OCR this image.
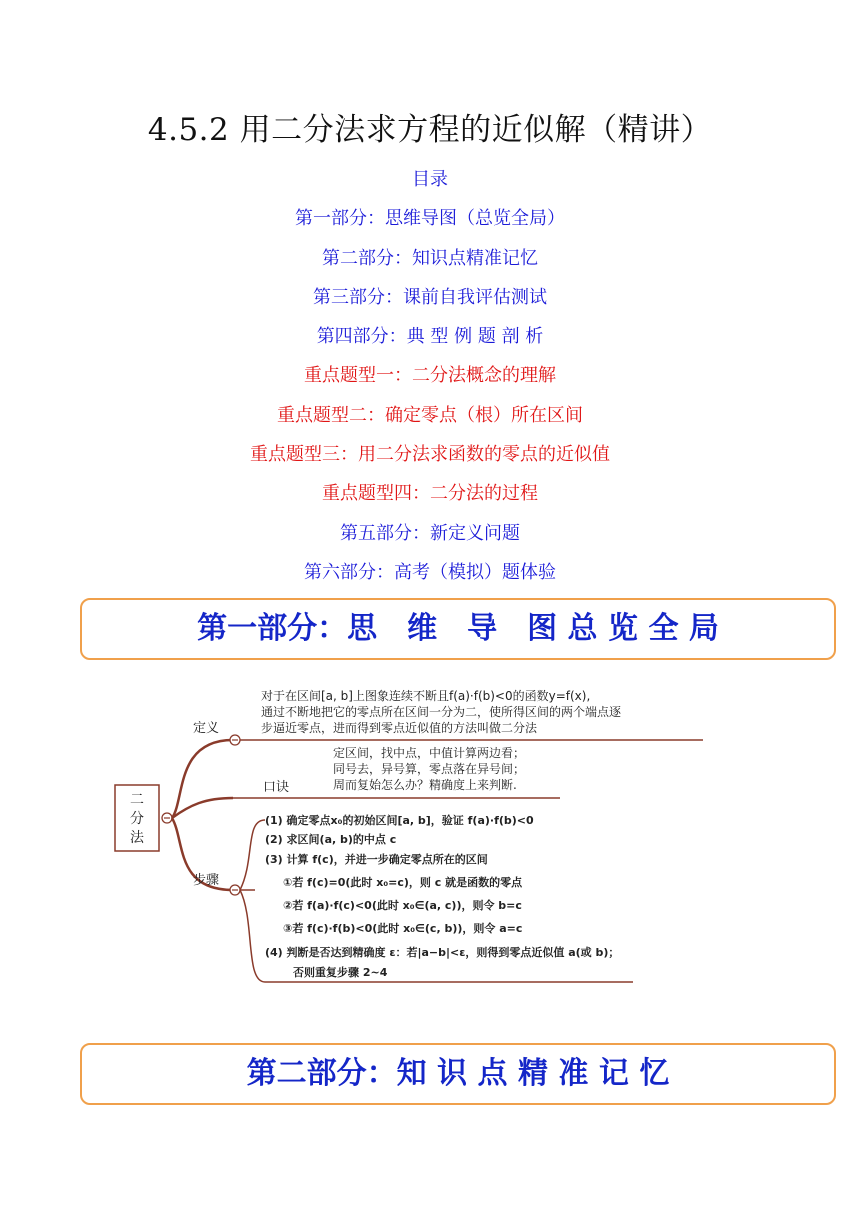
4.5.2 用二分法求方程的近似解（精讲）
目录
第一部分：思维导图（总览全局）
第二部分：知识点精准记忆
第三部分：课前自我评估测试
第四部分：典 型 例 题 剖 析
重点题型一：二分法概念的理解
重点题型二：确定零点（根）所在区间
重点题型三：用二分法求函数的零点的近似值
重点题型四：二分法的过程
第五部分：新定义问题
第六部分：高考（模拟）题体验
第一部分：思　维　导　图 总 览 全 局
二
分
法
定义
对于在区间[a, b]上图象连续不断且f(a)·f(b)<0的函数y=f(x),
通过不断地把它的零点所在区间一分为二，使所得区间的两个端点逐
步逼近零点，进而得到零点近似值的方法叫做二分法
口诀
定区间，找中点，中值计算两边看；
同号去，异号算，零点落在异号间；
周而复始怎么办？精确度上来判断.
步骤
(1) 确定零点x₀的初始区间[a, b]，验证 f(a)·f(b)<0
(2) 求区间(a, b)的中点 c
(3) 计算 f(c)，并进一步确定零点所在的区间
①若 f(c)=0(此时 x₀=c)，则 c 就是函数的零点
②若 f(a)·f(c)<0(此时 x₀∈(a, c))，则令 b=c
③若 f(c)·f(b)<0(此时 x₀∈(c, b))，则令 a=c
(4) 判断是否达到精确度 ε：若|a−b|<ε，则得到零点近似值 a(或 b)；
否则重复步骤 2~4
第二部分：知 识 点 精 准 记 忆
